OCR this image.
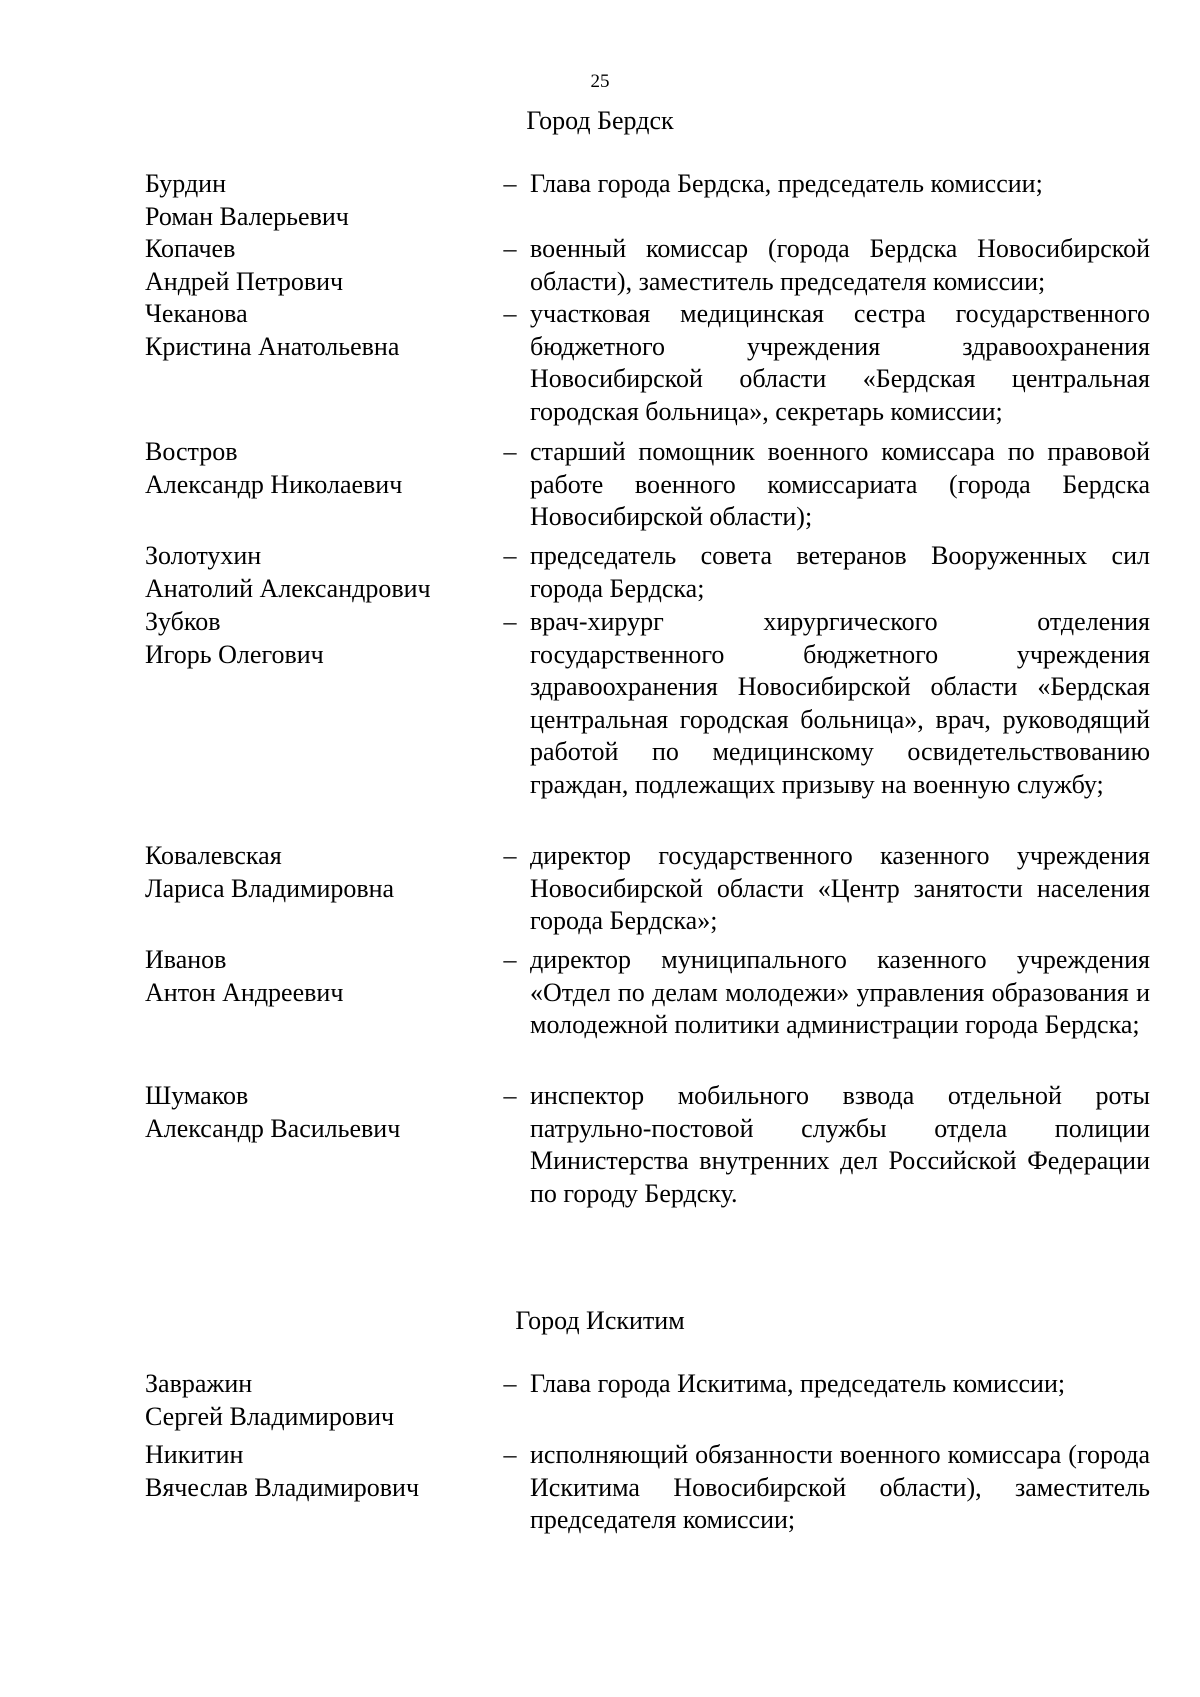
25
Город Бердск
Бурдин
Роман Валерьевич
– Глава города Бердска, председатель комиссии;
Копачев
Андрей Петрович
– военный комиссар (города Бердска Новосибирской области), заместитель председателя комиссии;
Чеканова
Кристина Анатольевна
– участковая медицинская сестра государственного бюджетного учреждения здравоохранения Новосибирской области «Бердская центральная городская больница», секретарь комиссии;
Востров
Александр Николаевич
– старший помощник военного комиссара по правовой работе военного комиссариата (города Бердска Новосибирской области);
Золотухин
Анатолий Александрович
– председатель совета ветеранов Вооруженных сил города Бердска;
Зубков
Игорь Олегович
– врач-хирург хирургического отделения государственного бюджетного учреждения здравоохранения Новосибирской области «Бердская центральная городская больница», врач, руководящий работой по медицинскому освидетельствованию граждан, подлежащих призыву на военную службу;
Ковалевская
Лариса Владимировна
– директор государственного казенного учреждения Новосибирской области «Центр занятости населения города Бердска»;
Иванов
Антон Андреевич
– директор муниципального казенного учреждения «Отдел по делам молодежи» управления образования и молодежной политики администрации города Бердска;
Шумаков
Александр Васильевич
– инспектор мобильного взвода отдельной роты патрульно-постовой службы отдела полиции Министерства внутренних дел Российской Федерации по городу Бердску.
Город Искитим
Завражин
Сергей Владимирович
– Глава города Искитима, председатель комиссии;
Никитин
Вячеслав Владимирович
– исполняющий обязанности военного комиссара (города Искитима Новосибирской области), заместитель председателя комиссии;
